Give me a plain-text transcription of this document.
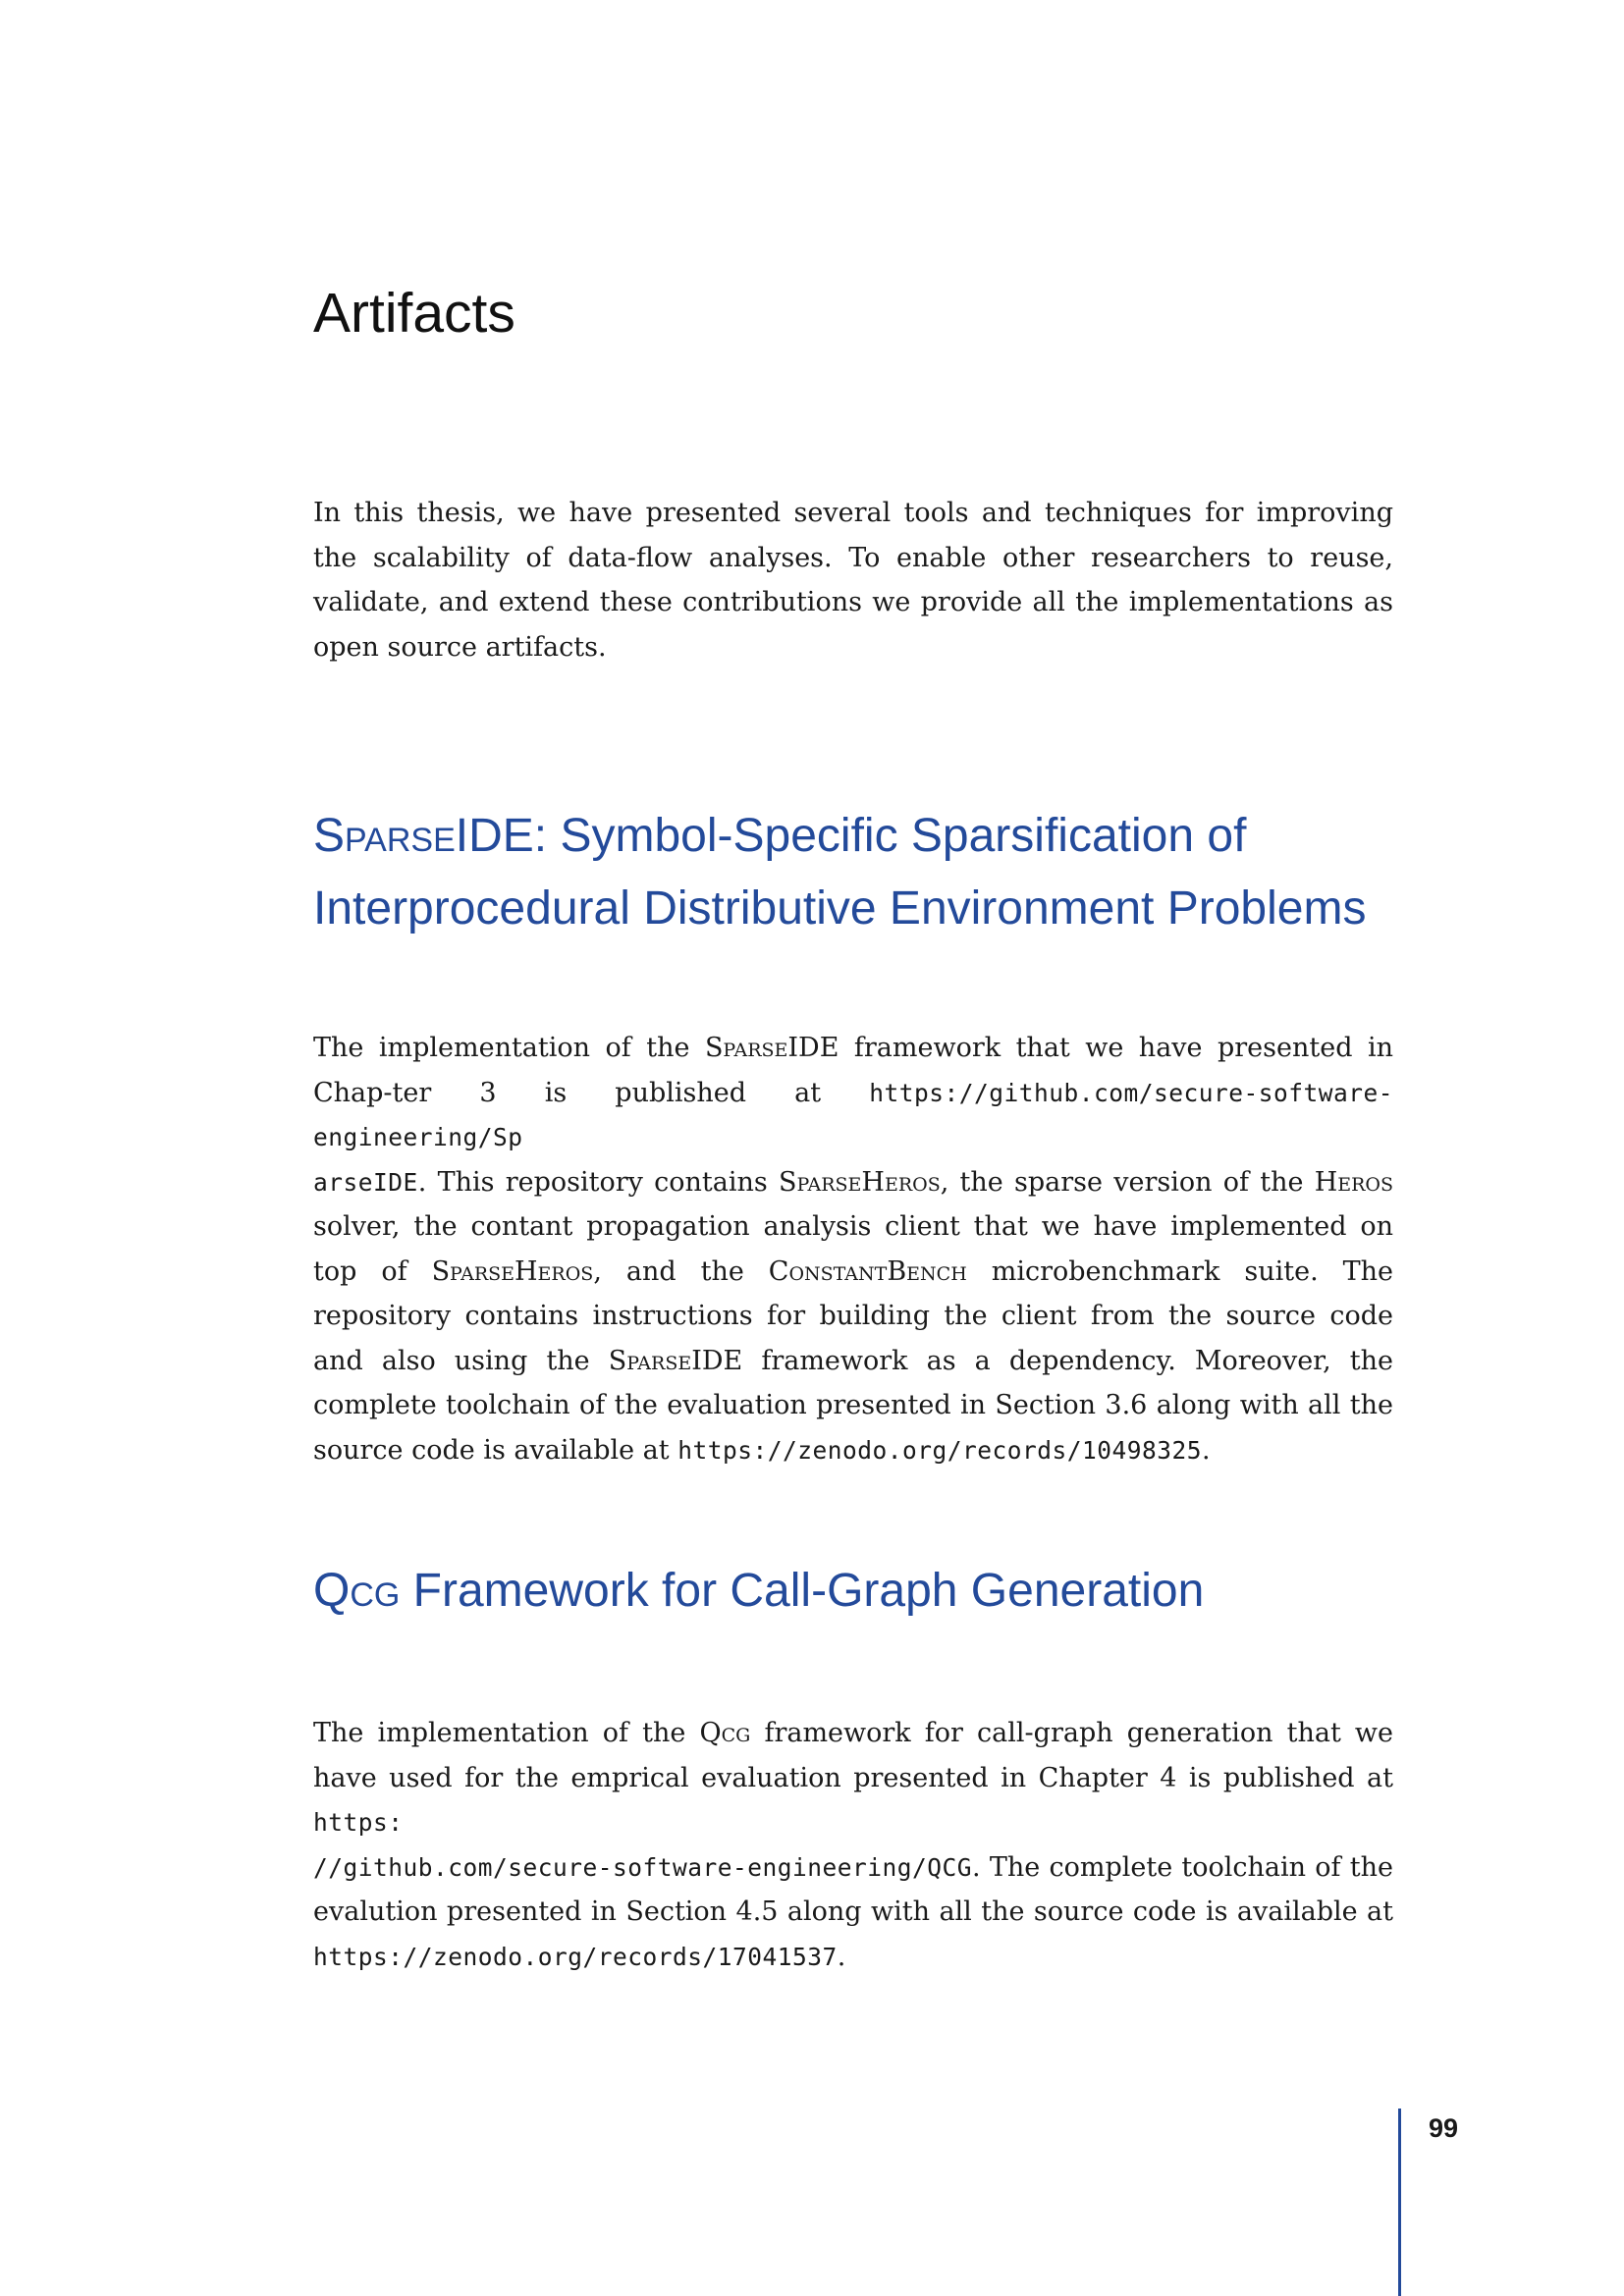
Artifacts

In this thesis, we have presented several tools and techniques for improving the scalability of data-flow analyses. To enable other researchers to reuse, validate, and extend these contributions we provide all the implementations as open source artifacts.

SparseIDE: Symbol-Specific Sparsification of
Interprocedural Distributive Environment Problems

The implementation of the SparseIDE framework that we have presented in Chap-ter 3 is published at https://github.com/secure-software-engineering/Sp
arseIDE. This repository contains SparseHeros, the sparse version of the Heros solver, the contant propagation analysis client that we have implemented on top of SparseHeros, and the ConstantBench microbenchmark suite. The repository contains instructions for building the client from the source code and also using the SparseIDE framework as a dependency. Moreover, the complete toolchain of the evaluation presented in Section 3.6 along with all the source code is available at https://zenodo.org/records/10498325.

Qcg Framework for Call-Graph Generation

The implementation of the Qcg framework for call-graph generation that we have used for the emprical evaluation presented in Chapter 4 is published at https:
//github.com/secure-software-engineering/QCG. The complete toolchain of the evalution presented in Section 4.5 along with all the source code is available at https://zenodo.org/records/17041537.

99
